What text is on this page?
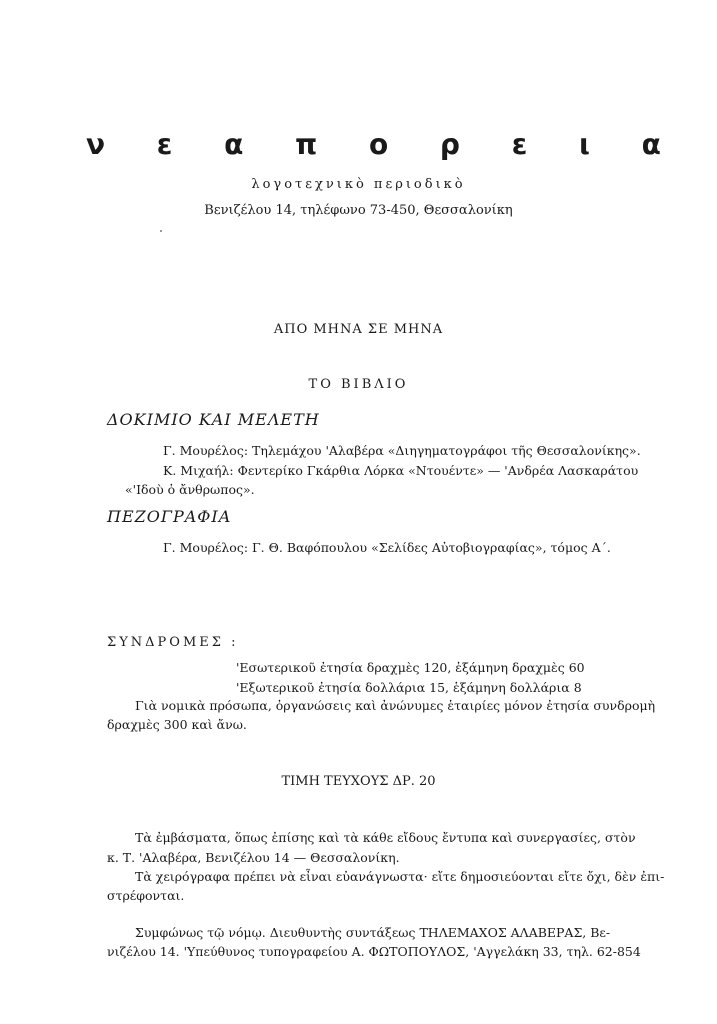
ν ε α π ο ρ ε ι α
λογοτεχνικὸ περιοδικὸ
Βενιζέλου 14, τηλέφωνο 73-450, Θεσσαλονίκη
ΑΠΟ ΜΗΝΑ ΣΕ ΜΗΝΑ
ΤΟ ΒΙΒΛΙΟ
ΔΟΚΙΜΙΟ ΚΑΙ ΜΕΛΕΤΗ
Γ. Μουρέλος: Τηλεμάχου 'Αλαβέρα «Διηγηματογράφοι τῆς Θεσσαλονίκης».
Κ. Μιχαήλ: Φεντερίκο Γκάρθια Λόρκα «Ντουέντε» — 'Ανδρέα Λασκαράτου
«'Ιδοὺ ὁ ἄνθρωπος».
ΠΕΖΟΓΡΑΦΙΑ
Γ. Μουρέλος: Γ. Θ. Βαφόπουλου «Σελίδες Αὐτοβιογραφίας», τόμος Α΄.
ΣΥΝΔΡΟΜΕΣ :
'Εσωτερικοῦ ἐτησία δραχμὲς 120, ἑξάμηνη δραχμὲς 60
'Εξωτερικοῦ ἐτησία δολλάρια 15, ἑξάμηνη δολλάρια 8
Γιὰ νομικὰ πρόσωπα, ὀργανώσεις καὶ ἀνώνυμες ἑταιρίες μόνον ἐτησία συνδρομὴ
δραχμὲς 300 καὶ ἄνω.
ΤΙΜΗ ΤΕΥΧΟΥΣ ΔΡ. 20
Τὰ ἐμβάσματα, ὅπως ἐπίσης καὶ τὰ κάθε εἴδους ἔντυπα καὶ συνεργασίες, στὸν
κ. Τ. 'Αλαβέρα, Βενιζέλου 14 — Θεσσαλονίκη.
Τὰ χειρόγραφα πρέπει νὰ εἶναι εὐανάγνωστα· εἴτε δημοσιεύονται εἴτε ὄχι, δὲν ἐπι-
στρέφονται.
Συμφώνως τῷ νόμῳ. Διευθυντὴς συντάξεως ΤΗΛΕΜΑΧΟΣ ΑΛΑΒΕΡΑΣ, Βε-
νιζέλου 14. 'Υπεύθυνος τυπογραφείου Α. ΦΩΤΟΠΟΥΛΟΣ, 'Αγγελάκη 33, τηλ. 62-854
